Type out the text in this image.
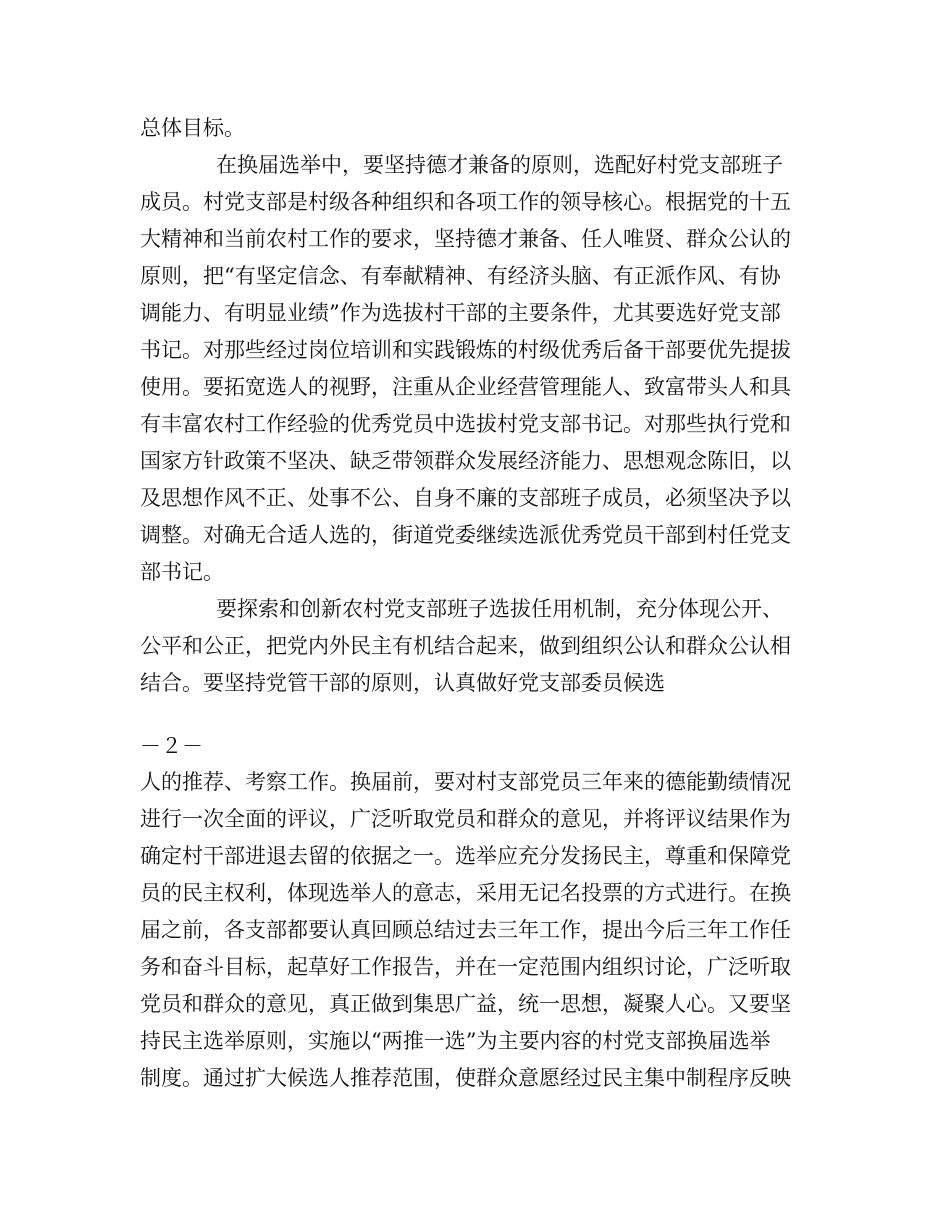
总体目标。
在换届选举中，要坚持德才兼备的原则，选配好村党支部班子
成员。村党支部是村级各种组织和各项工作的领导核心。根据党的十五
大精神和当前农村工作的要求，坚持德才兼备、任人唯贤、群众公认的
原则，把“有坚定信念、有奉献精神、有经济头脑、有正派作风、有协
调能力、有明显业绩”作为选拔村干部的主要条件，尤其要选好党支部
书记。对那些经过岗位培训和实践锻炼的村级优秀后备干部要优先提拔
使用。要拓宽选人的视野，注重从企业经营管理能人、致富带头人和具
有丰富农村工作经验的优秀党员中选拔村党支部书记。对那些执行党和
国家方针政策不坚决、缺乏带领群众发展经济能力、思想观念陈旧，以
及思想作风不正、处事不公、自身不廉的支部班子成员，必须坚决予以
调整。对确无合适人选的，街道党委继续选派优秀党员干部到村任党支
部书记。
要探索和创新农村党支部班子选拔任用机制，充分体现公开、
公平和公正，把党内外民主有机结合起来，做到组织公认和群众公认相
结合。要坚持党管干部的原则，认真做好党支部委员候选
－２－
人的推荐、考察工作。换届前，要对村支部党员三年来的德能勤绩情况
进行一次全面的评议，广泛听取党员和群众的意见，并将评议结果作为
确定村干部进退去留的依据之一。选举应充分发扬民主，尊重和保障党
员的民主权利，体现选举人的意志，采用无记名投票的方式进行。在换
届之前，各支部都要认真回顾总结过去三年工作，提出今后三年工作任
务和奋斗目标，起草好工作报告，并在一定范围内组织讨论，广泛听取
党员和群众的意见，真正做到集思广益，统一思想，凝聚人心。又要坚
持民主选举原则，实施以“两推一选”为主要内容的村党支部换届选举
制度。通过扩大候选人推荐范围，使群众意愿经过民主集中制程序反映
